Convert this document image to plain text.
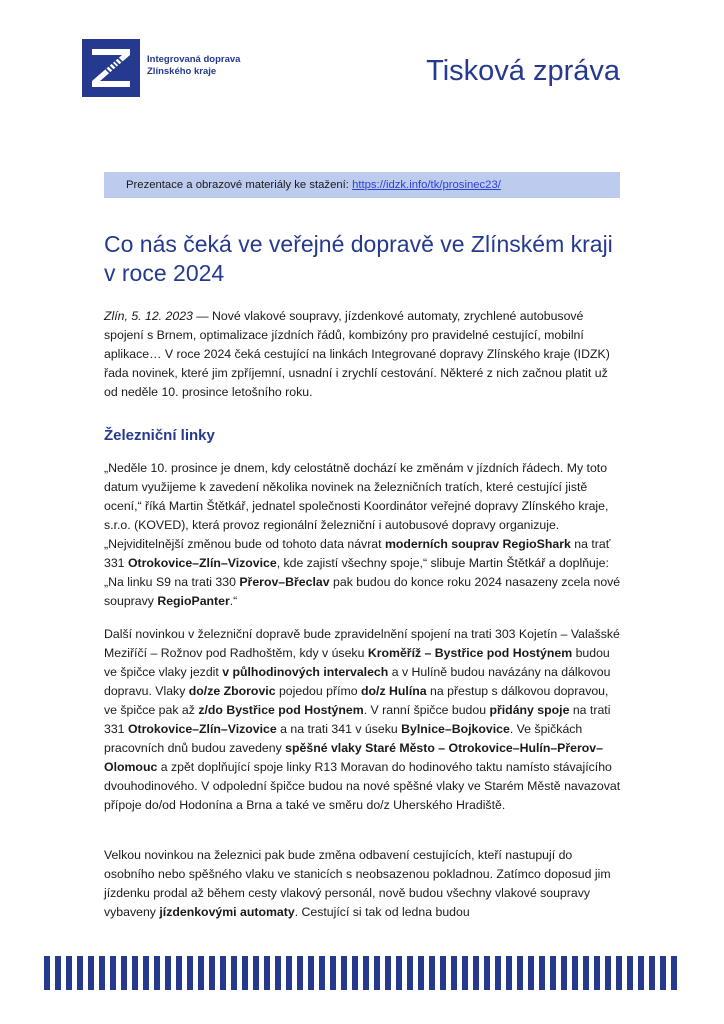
Integrovaná doprava
Zlínského kraje	Tisková zpráva
Prezentace a obrazové materiály ke stažení: https://idzk.info/tk/prosinec23/
Co nás čeká ve veřejné dopravě ve Zlínském kraji v roce 2024

Zlín, 5. 12. 2023 — Nové vlakové soupravy, jízdenkové automaty, zrychlené autobusové spojení s Brnem, optimalizace jízdních řádů, kombizóny pro pravidelné cestující, mobilní aplikace… V roce 2024 čeká cestující na linkách Integrované dopravy Zlínského kraje (IDZK) řada novinek, které jim zpříjemní, usnadní i zrychlí cestování. Některé z nich začnou platit už od neděle 10. prosince letošního roku.

Železniční linky

„Neděle 10. prosince je dnem, kdy celostátně dochází ke změnám v jízdních řádech. My toto datum využijeme k zavedení několika novinek na železničních tratích, které cestující jistě ocení,“ říká Martin Štětkář, jednatel společnosti Koordinátor veřejné dopravy Zlínského kraje, s.r.o. (KOVED), která provoz regionální železniční i autobusové dopravy organizuje. „Nejviditelnější změnou bude od tohoto data návrat moderních souprav RegioShark na trať 331 Otrokovice–Zlín–Vizovice, kde zajistí všechny spoje,“ slibuje Martin Štětkář a doplňuje: „Na linku S9 na trati 330 Přerov–Břeclav pak budou do konce roku 2024 nasazeny zcela nové soupravy RegioPanter.“

Další novinkou v železniční dopravě bude zpravidelnění spojení na trati 303 Kojetín – Valašské Meziříčí – Rožnov pod Radhoštěm, kdy v úseku Kroměříž – Bystřice pod Hostýnem budou ve špičce vlaky jezdit v půlhodinových intervalech a v Hulíně budou navázány na dálkovou dopravu. Vlaky do/ze Zborovic pojedou přímo do/z Hulína na přestup s dálkovou dopravou, ve špičce pak až z/do Bystřice pod Hostýnem. V ranní špičce budou přidány spoje na trati 331 Otrokovice–Zlín–Vizovice a na trati 341 v úseku Bylnice–Bojkovice. Ve špičkách pracovních dnů budou zavedeny spěšné vlaky Staré Město – Otrokovice–Hulín–Přerov–Olomouc a zpět doplňující spoje linky R13 Moravan do hodinového taktu namísto stávajícího dvouhodinového. V odpolední špičce budou na nové spěšné vlaky ve Starém Městě navazovat přípoje do/od Hodonína a Brna a také ve směru do/z Uherského Hradiště.

Velkou novinkou na železnici pak bude změna odbavení cestujících, kteří nastupují do osobního nebo spěšného vlaku ve stanicích s neobsazenou pokladnou. Zatímco doposud jim jízdenku prodal až během cesty vlakový personál, nově budou všechny vlakové soupravy vybaveny jízdenkovými automaty. Cestující si tak od ledna budou
